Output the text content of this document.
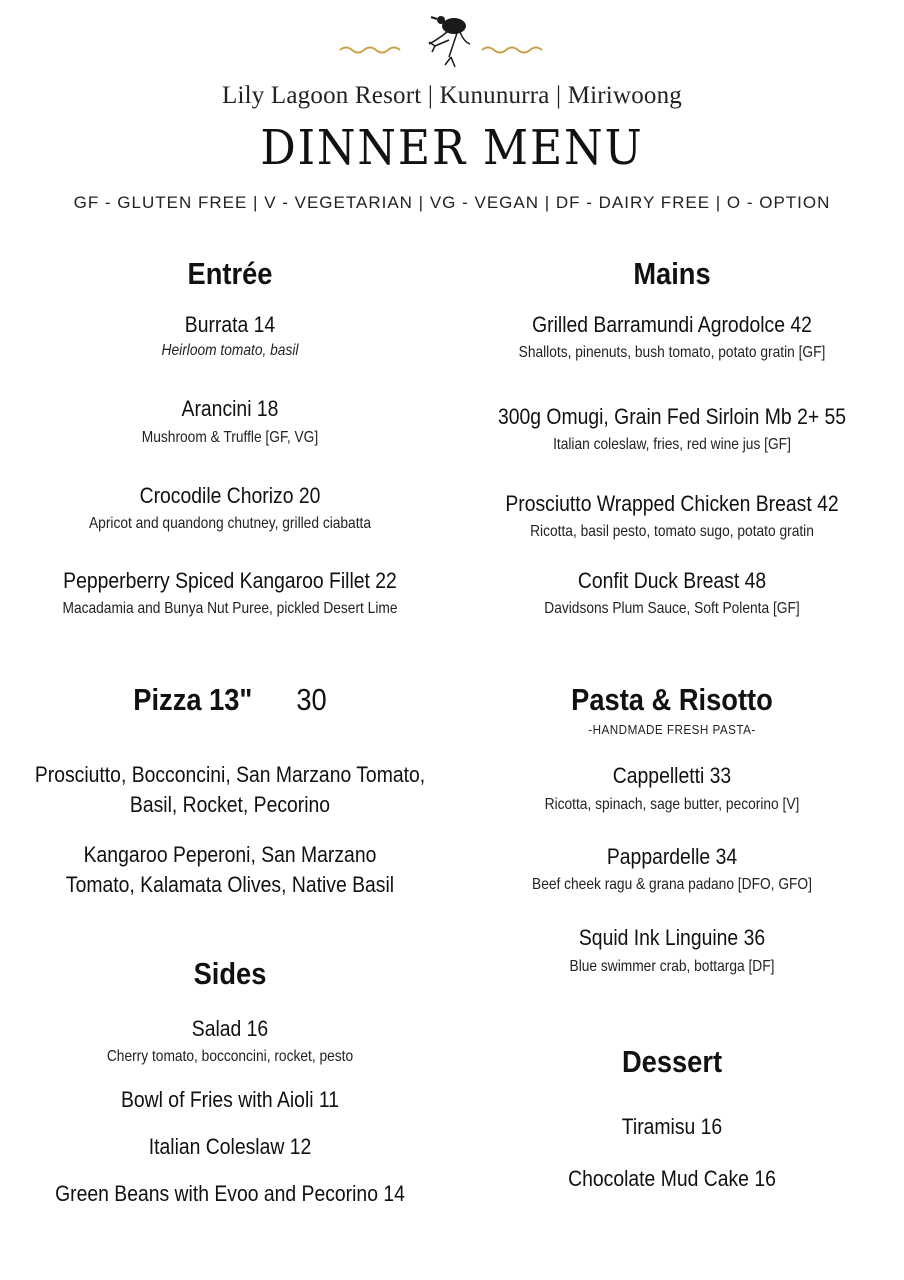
Lily Lagoon Resort | Kununurra | Miriwoong
DINNER MENU
GF - GLUTEN FREE | V - VEGETARIAN | VG - VEGAN | DF - DAIRY FREE | O - OPTION
Entrée
Burrata 14
Heirloom tomato, basil
Arancini 18
Mushroom & Truffle [GF, VG]
Crocodile Chorizo 20
Apricot and quandong chutney, grilled ciabatta
Pepperberry Spiced Kangaroo Fillet 22
Macadamia and Bunya Nut Puree, pickled Desert Lime
Pizza 13" 30
Prosciutto, Bocconcini, San Marzano Tomato,
Basil, Rocket, Pecorino
Kangaroo Peperoni, San Marzano
Tomato, Kalamata Olives, Native Basil
Sides
Salad 16
Cherry tomato, bocconcini, rocket, pesto
Bowl of Fries with Aioli 11
Italian Coleslaw 12
Green Beans with Evoo and Pecorino 14
Mains
Grilled Barramundi Agrodolce 42
Shallots, pinenuts, bush tomato, potato gratin [GF]
300g Omugi, Grain Fed Sirloin Mb 2+ 55
Italian coleslaw, fries, red wine jus [GF]
Prosciutto Wrapped Chicken Breast 42
Ricotta, basil pesto, tomato sugo, potato gratin
Confit Duck Breast 48
Davidsons Plum Sauce, Soft Polenta [GF]
Pasta & Risotto
-HANDMADE FRESH PASTA-
Cappelletti 33
Ricotta, spinach, sage butter, pecorino [V]
Pappardelle 34
Beef cheek ragu & grana padano [DFO, GFO]
Squid Ink Linguine 36
Blue swimmer crab, bottarga [DF]
Dessert
Tiramisu 16
Chocolate Mud Cake 16
